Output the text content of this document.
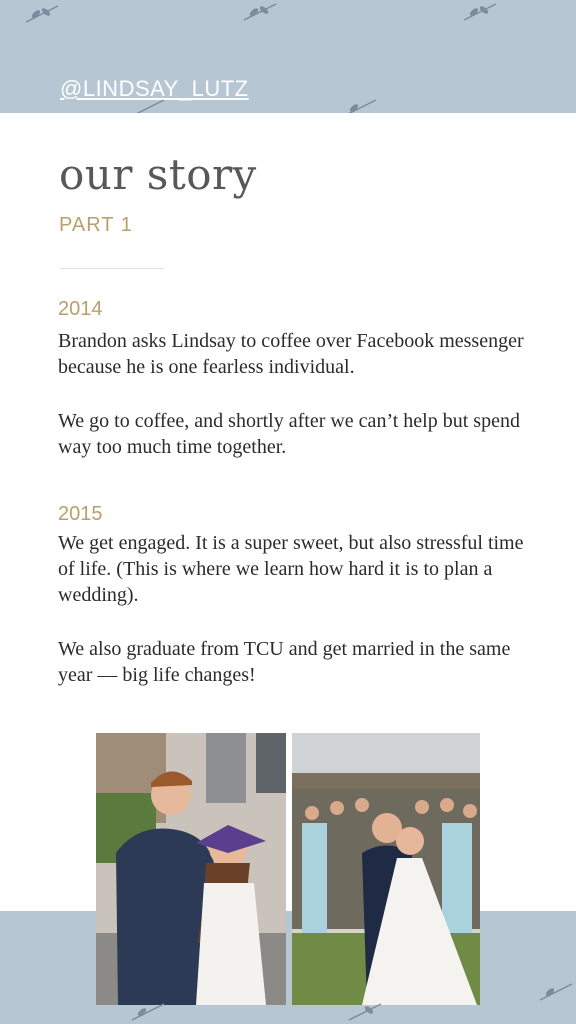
@LINDSAY_LUTZ
our story
PART 1
2014
Brandon asks Lindsay to coffee over Facebook messenger because he is one fearless individual.
We go to coffee, and shortly after we can’t help but spend way too much time together.
2015
We get engaged. It is a super sweet, but also stressful time of life. (This is where we learn how hard it is to plan a wedding).
We also graduate from TCU and get married in the same year — big life changes!
